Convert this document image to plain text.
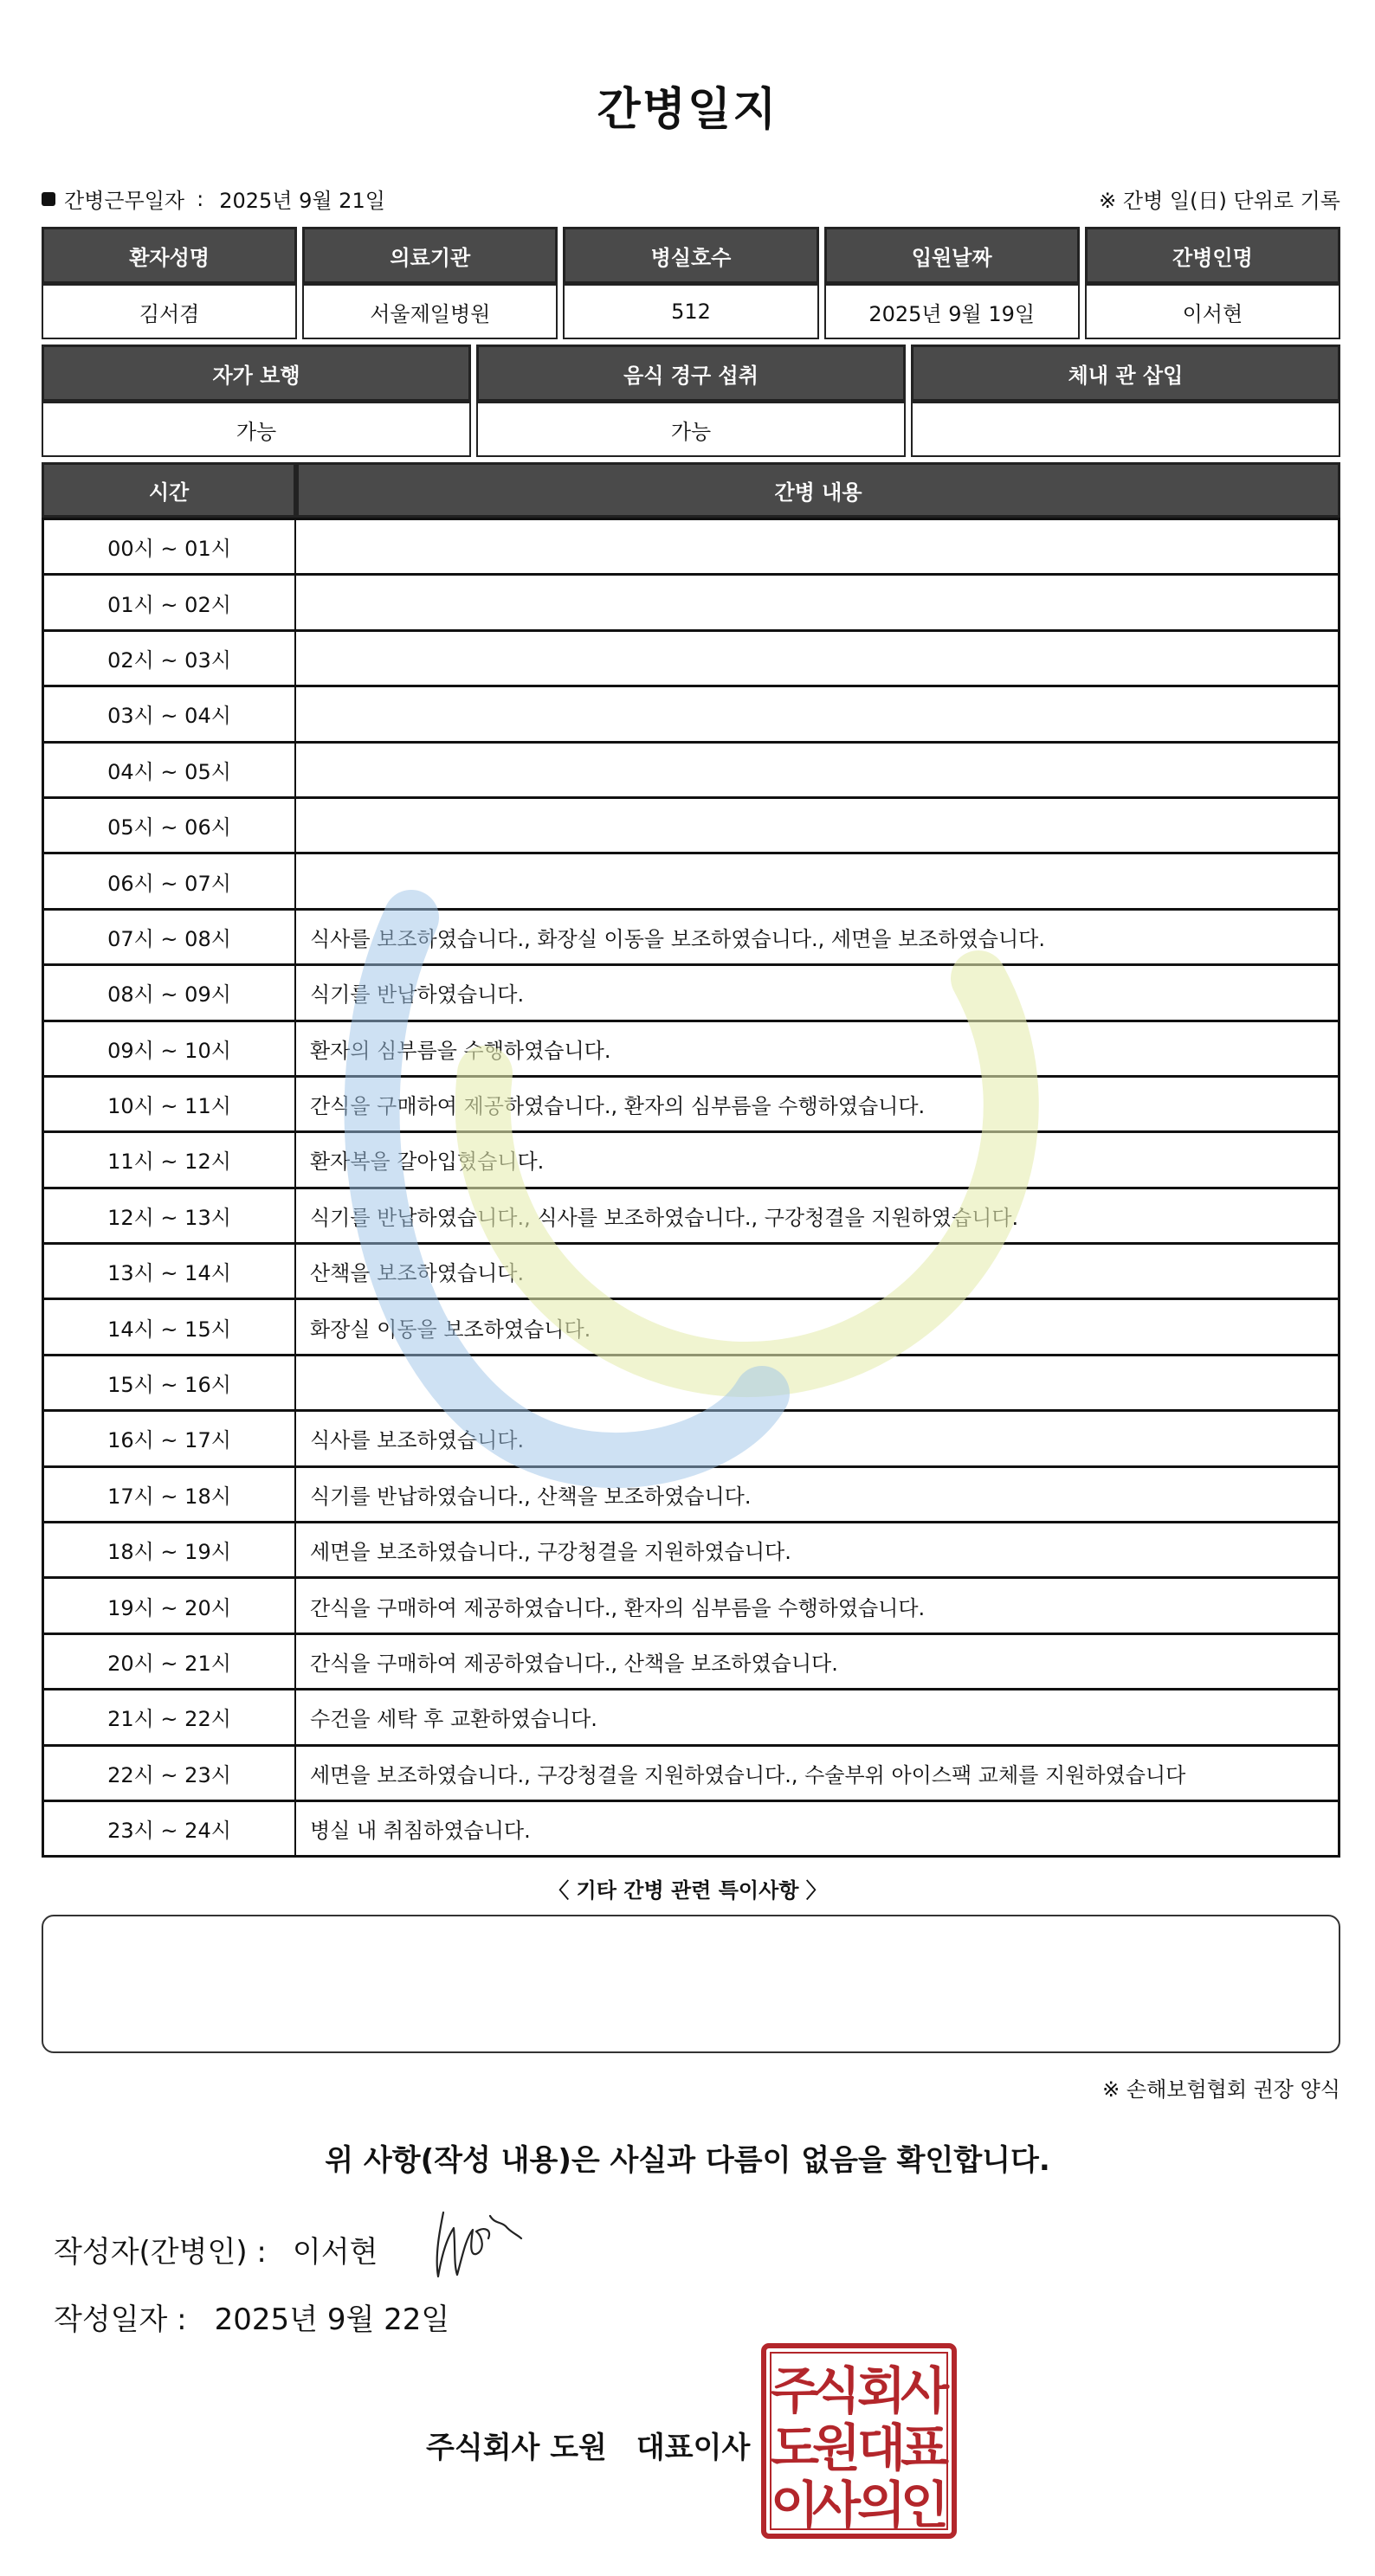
간병일지
간병근무일자 : 2025년 9월 21일	※ 간병 일(日) 단위로 기록
환자성명	의료기관	병실호수	입원날짜	간병인명
김서겸	서울제일병원	512	2025년 9월 19일	이서현
자가 보행	음식 경구 섭취	체내 관 삽입
가능	가능
시간	간병 내용
00시 ~ 01시
01시 ~ 02시
02시 ~ 03시
03시 ~ 04시
04시 ~ 05시
05시 ~ 06시
06시 ~ 07시
07시 ~ 08시	식사를 보조하였습니다., 화장실 이동을 보조하였습니다., 세면을 보조하였습니다.
08시 ~ 09시	식기를 반납하였습니다.
09시 ~ 10시	환자의 심부름을 수행하였습니다.
10시 ~ 11시	간식을 구매하여 제공하였습니다., 환자의 심부름을 수행하였습니다.
11시 ~ 12시	환자복을 갈아입혔습니다.
12시 ~ 13시	식기를 반납하였습니다., 식사를 보조하였습니다., 구강청결을 지원하였습니다.
13시 ~ 14시	산책을 보조하였습니다.
14시 ~ 15시	화장실 이동을 보조하였습니다.
15시 ~ 16시
16시 ~ 17시	식사를 보조하였습니다.
17시 ~ 18시	식기를 반납하였습니다., 산책을 보조하였습니다.
18시 ~ 19시	세면을 보조하였습니다., 구강청결을 지원하였습니다.
19시 ~ 20시	간식을 구매하여 제공하였습니다., 환자의 심부름을 수행하였습니다.
20시 ~ 21시	간식을 구매하여 제공하였습니다., 산책을 보조하였습니다.
21시 ~ 22시	수건을 세탁 후 교환하였습니다.
22시 ~ 23시	세면을 보조하였습니다., 구강청결을 지원하였습니다., 수술부위 아이스팩 교체를 지원하였습니다
23시 ~ 24시	병실 내 취침하였습니다.
〈 기타 간병 관련 특이사항 〉
※ 손해보험협회 권장 양식
위 사항(작성 내용)은 사실과 다름이 없음을 확인합니다.
작성자(간병인) : 이서현
작성일자 : 2025년 9월 22일
주식회사 도원 대표이사
주
식
회
사
도
원
대
표
이
사
의
인
